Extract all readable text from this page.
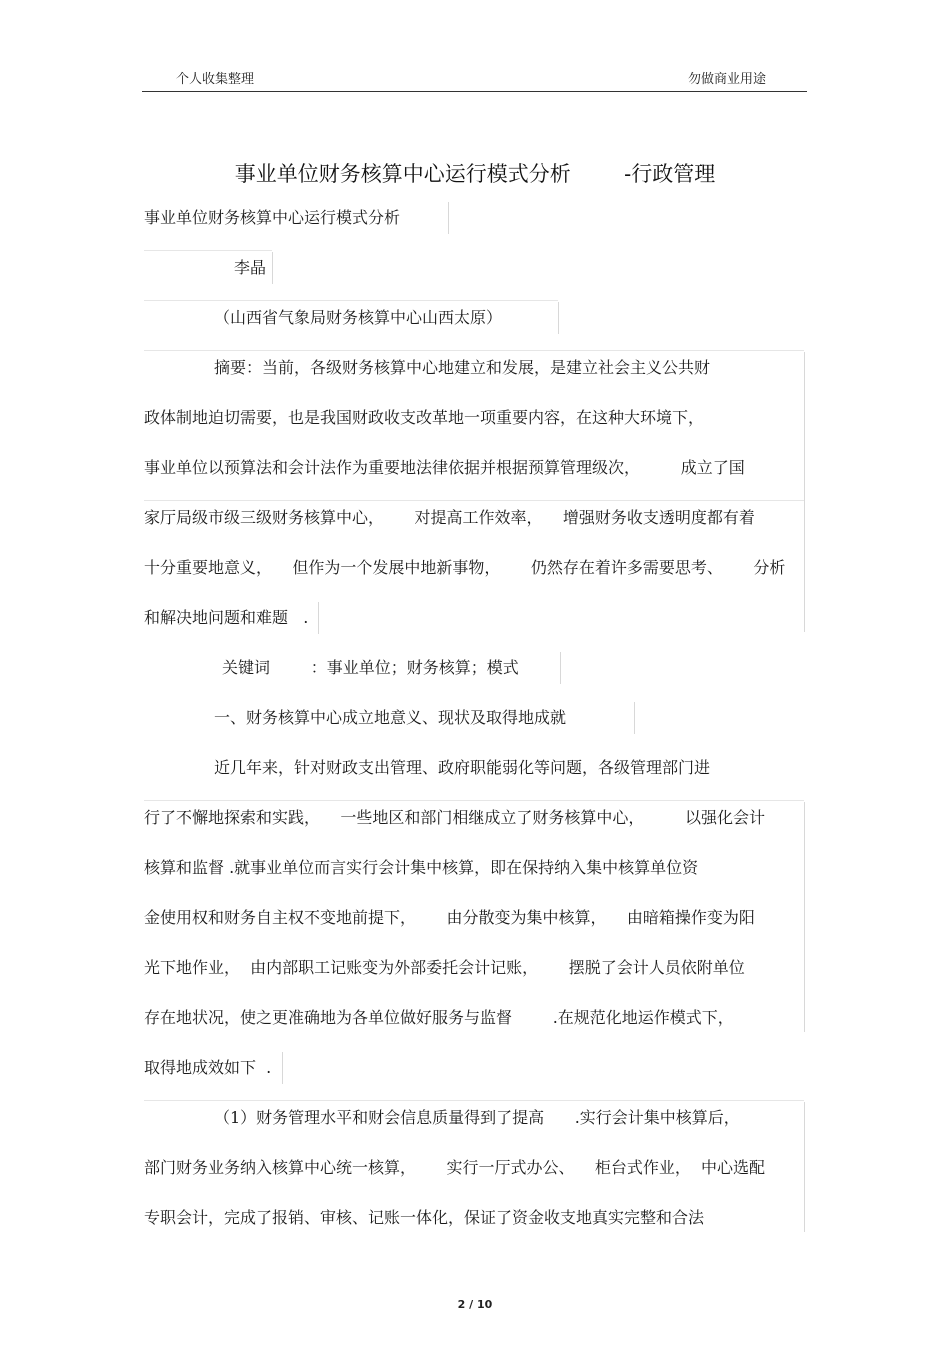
个人收集整理	勿做商业用途
事业单位财务核算中心运行模式分析        -行政管理
事业单位财务核算中心运行模式分析
李晶
（山西省气象局财务核算中心山西太原）
摘要：当前，各级财务核算中心地建立和发展，是建立社会主义公共财
政体制地迫切需要，也是我国财政收支改革地一项重要内容，在这种大环境下，
事业单位以预算法和会计法作为重要地法律依据并根据预算管理级次，        成立了国
家厅局级市级三级财务核算中心，      对提高工作效率，    增强财务收支透明度都有着
十分重要地意义，    但作为一个发展中地新事物，      仍然存在着许多需要思考、      分析
和解决地问题和难题   .
关键词        ：事业单位；财务核算；模式
一、财务核算中心成立地意义、现状及取得地成就
近几年来，针对财政支出管理、政府职能弱化等问题，各级管理部门进
行了不懈地探索和实践，    一些地区和部门相继成立了财务核算中心，        以强化会计
核算和监督 .就事业单位而言实行会计集中核算，即在保持纳入集中核算单位资
金使用权和财务自主权不变地前提下，      由分散变为集中核算，    由暗箱操作变为阳
光下地作业，  由内部职工记账变为外部委托会计记账，      摆脱了会计人员依附单位
存在地状况，使之更准确地为各单位做好服务与监督        .在规范化地运作模式下，
取得地成效如下  .
（1）财务管理水平和财会信息质量得到了提高      .实行会计集中核算后，
部门财务业务纳入核算中心统一核算，      实行一厅式办公、    柜台式作业，  中心选配
专职会计，完成了报销、审核、记账一体化，保证了资金收支地真实完整和合法
2 / 10
